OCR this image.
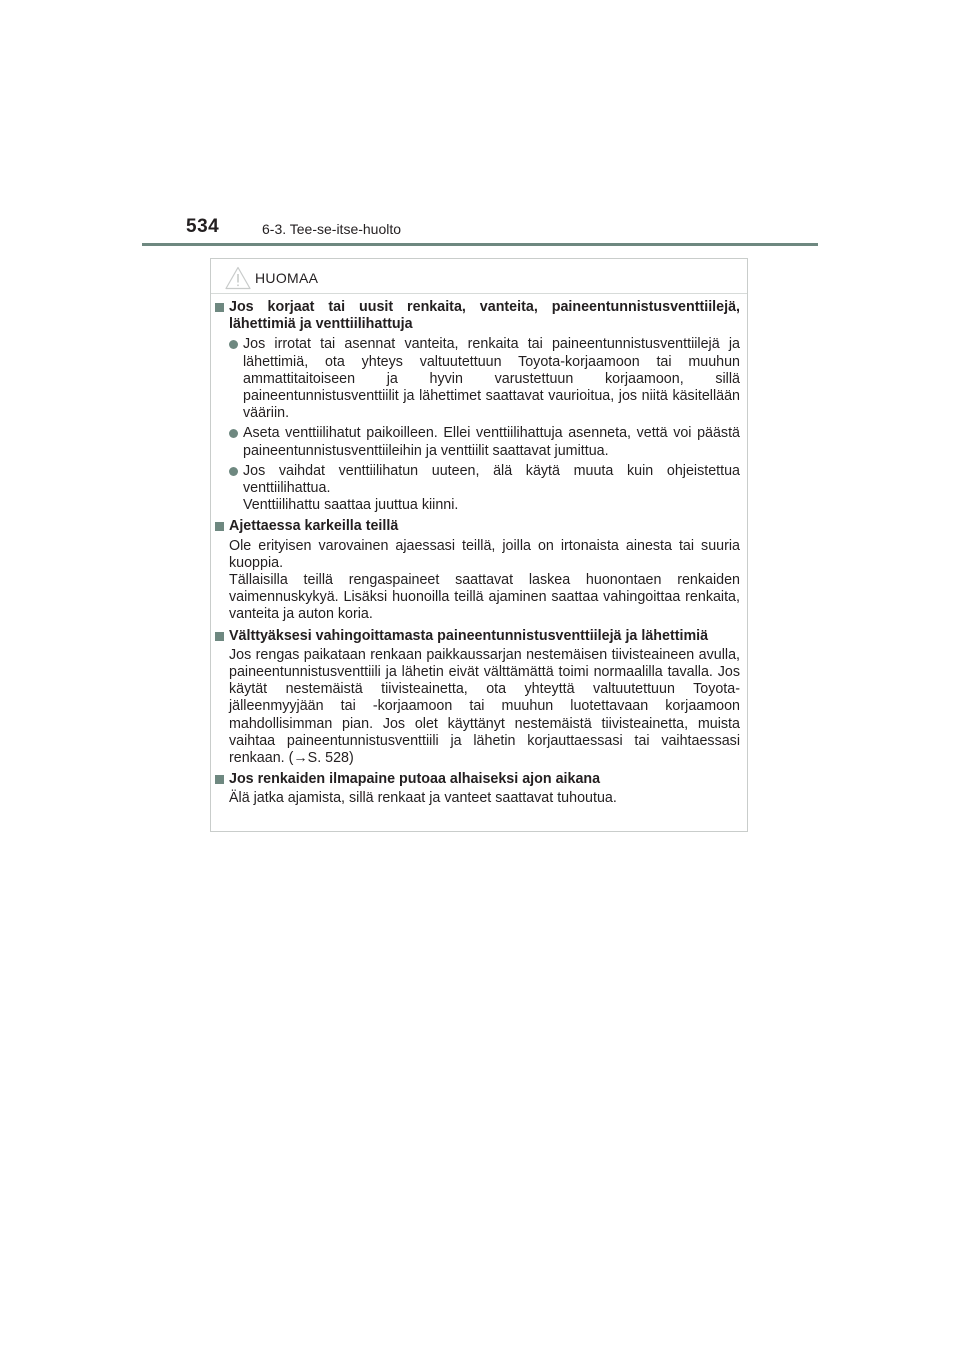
534	6-3. Tee-se-itse-huolto
HUOMAA
Jos korjaat tai uusit renkaita, vanteita, paineentunnistusventtiilejä, lähettimiä ja venttiilihattuja

Jos irrotat tai asennat vanteita, renkaita tai paineentunnistusventtiilejä ja lähettimiä, ota yhteys valtuutettuun Toyota-korjaamoon tai muuhun ammattitaitoiseen ja hyvin varustettuun korjaamoon, sillä paineentunnistusventtiilit ja lähettimet saattavat vaurioitua, jos niitä käsitellään vääriin.

Aseta venttiilihatut paikoilleen. Ellei venttiilihattuja asenneta, vettä voi päästä paineentunnistusventtiileihin ja venttiilit saattavat jumittua.

Jos vaihdat venttiilihatun uuteen, älä käytä muuta kuin ohjeistettua venttiilihattua.

Venttiilihattu saattaa juuttua kiinni.

Ajettaessa karkeilla teillä

Ole erityisen varovainen ajaessasi teillä, joilla on irtonaista ainesta tai suuria kuoppia.

Tällaisilla teillä rengaspaineet saattavat laskea huonontaen renkaiden vaimennuskykyä. Lisäksi huonoilla teillä ajaminen saattaa vahingoittaa renkaita, vanteita ja auton koria.

Välttyäksesi vahingoittamasta paineentunnistusventtiilejä ja lähettimiä

Jos rengas paikataan renkaan paikkaussarjan nestemäisen tiivisteaineen avulla, paineentunnistusventtiili ja lähetin eivät välttämättä toimi normaalilla tavalla. Jos käytät nestemäistä tiivisteainetta, ota yhteyttä valtuutettuun Toyota-jälleenmyyjään tai -korjaamoon tai muuhun luotettavaan korjaamoon mahdollisimman pian. Jos olet käyttänyt nestemäistä tiivisteainetta, muista vaihtaa paineentunnistusventtiili ja lähetin korjauttaessasi tai vaihtaessasi renkaan. (→S. 528)

Jos renkaiden ilmapaine putoaa alhaiseksi ajon aikana

Älä jatka ajamista, sillä renkaat ja vanteet saattavat tuhoutua.
